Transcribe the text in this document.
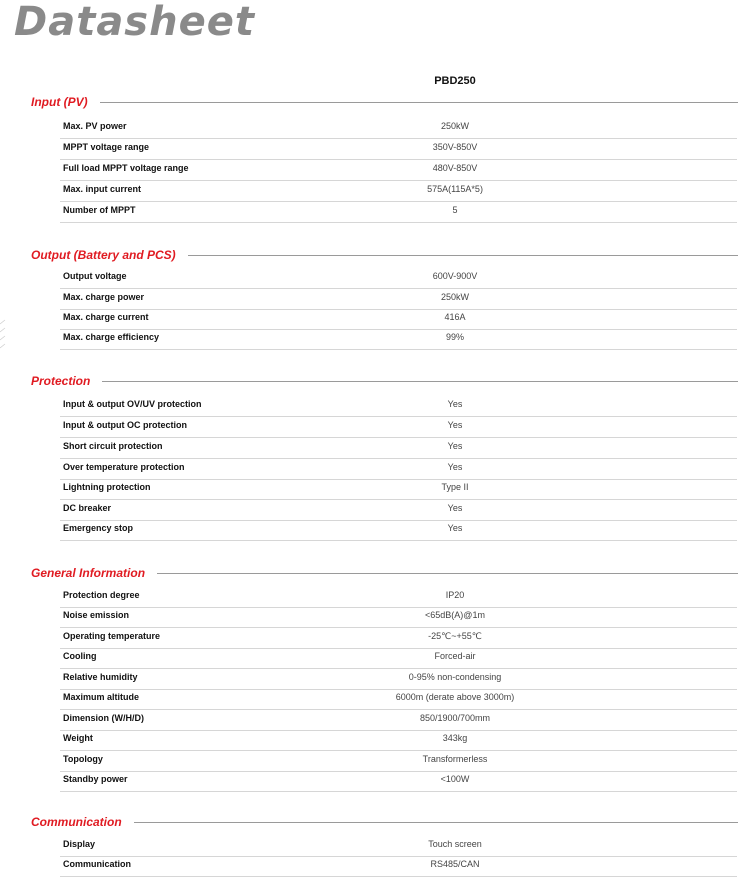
Datasheet
PBD250
Input (PV)
Max. PV power	250kW
MPPT voltage range	350V-850V
Full load MPPT voltage range	480V-850V
Max. input current	575A(115A*5)
Number of MPPT	5
Output (Battery and PCS)
Output voltage	600V-900V
Max. charge power	250kW
Max. charge current	416A
Max. charge efficiency	99%
Protection
Input & output OV/UV protection	Yes
Input & output OC protection	Yes
Short circuit protection	Yes
Over temperature protection	Yes
Lightning protection	Type II
DC breaker	Yes
Emergency stop	Yes
General Information
Protection degree	IP20
Noise emission	<65dB(A)@1m
Operating temperature	-25℃~+55℃
Cooling	Forced-air
Relative humidity	0-95% non-condensing
Maximum altitude	6000m (derate above 3000m)
Dimension (W/H/D)	850/1900/700mm
Weight	343kg
Topology	Transformerless
Standby power	<100W
Communication
Display	Touch screen
Communication	RS485/CAN
